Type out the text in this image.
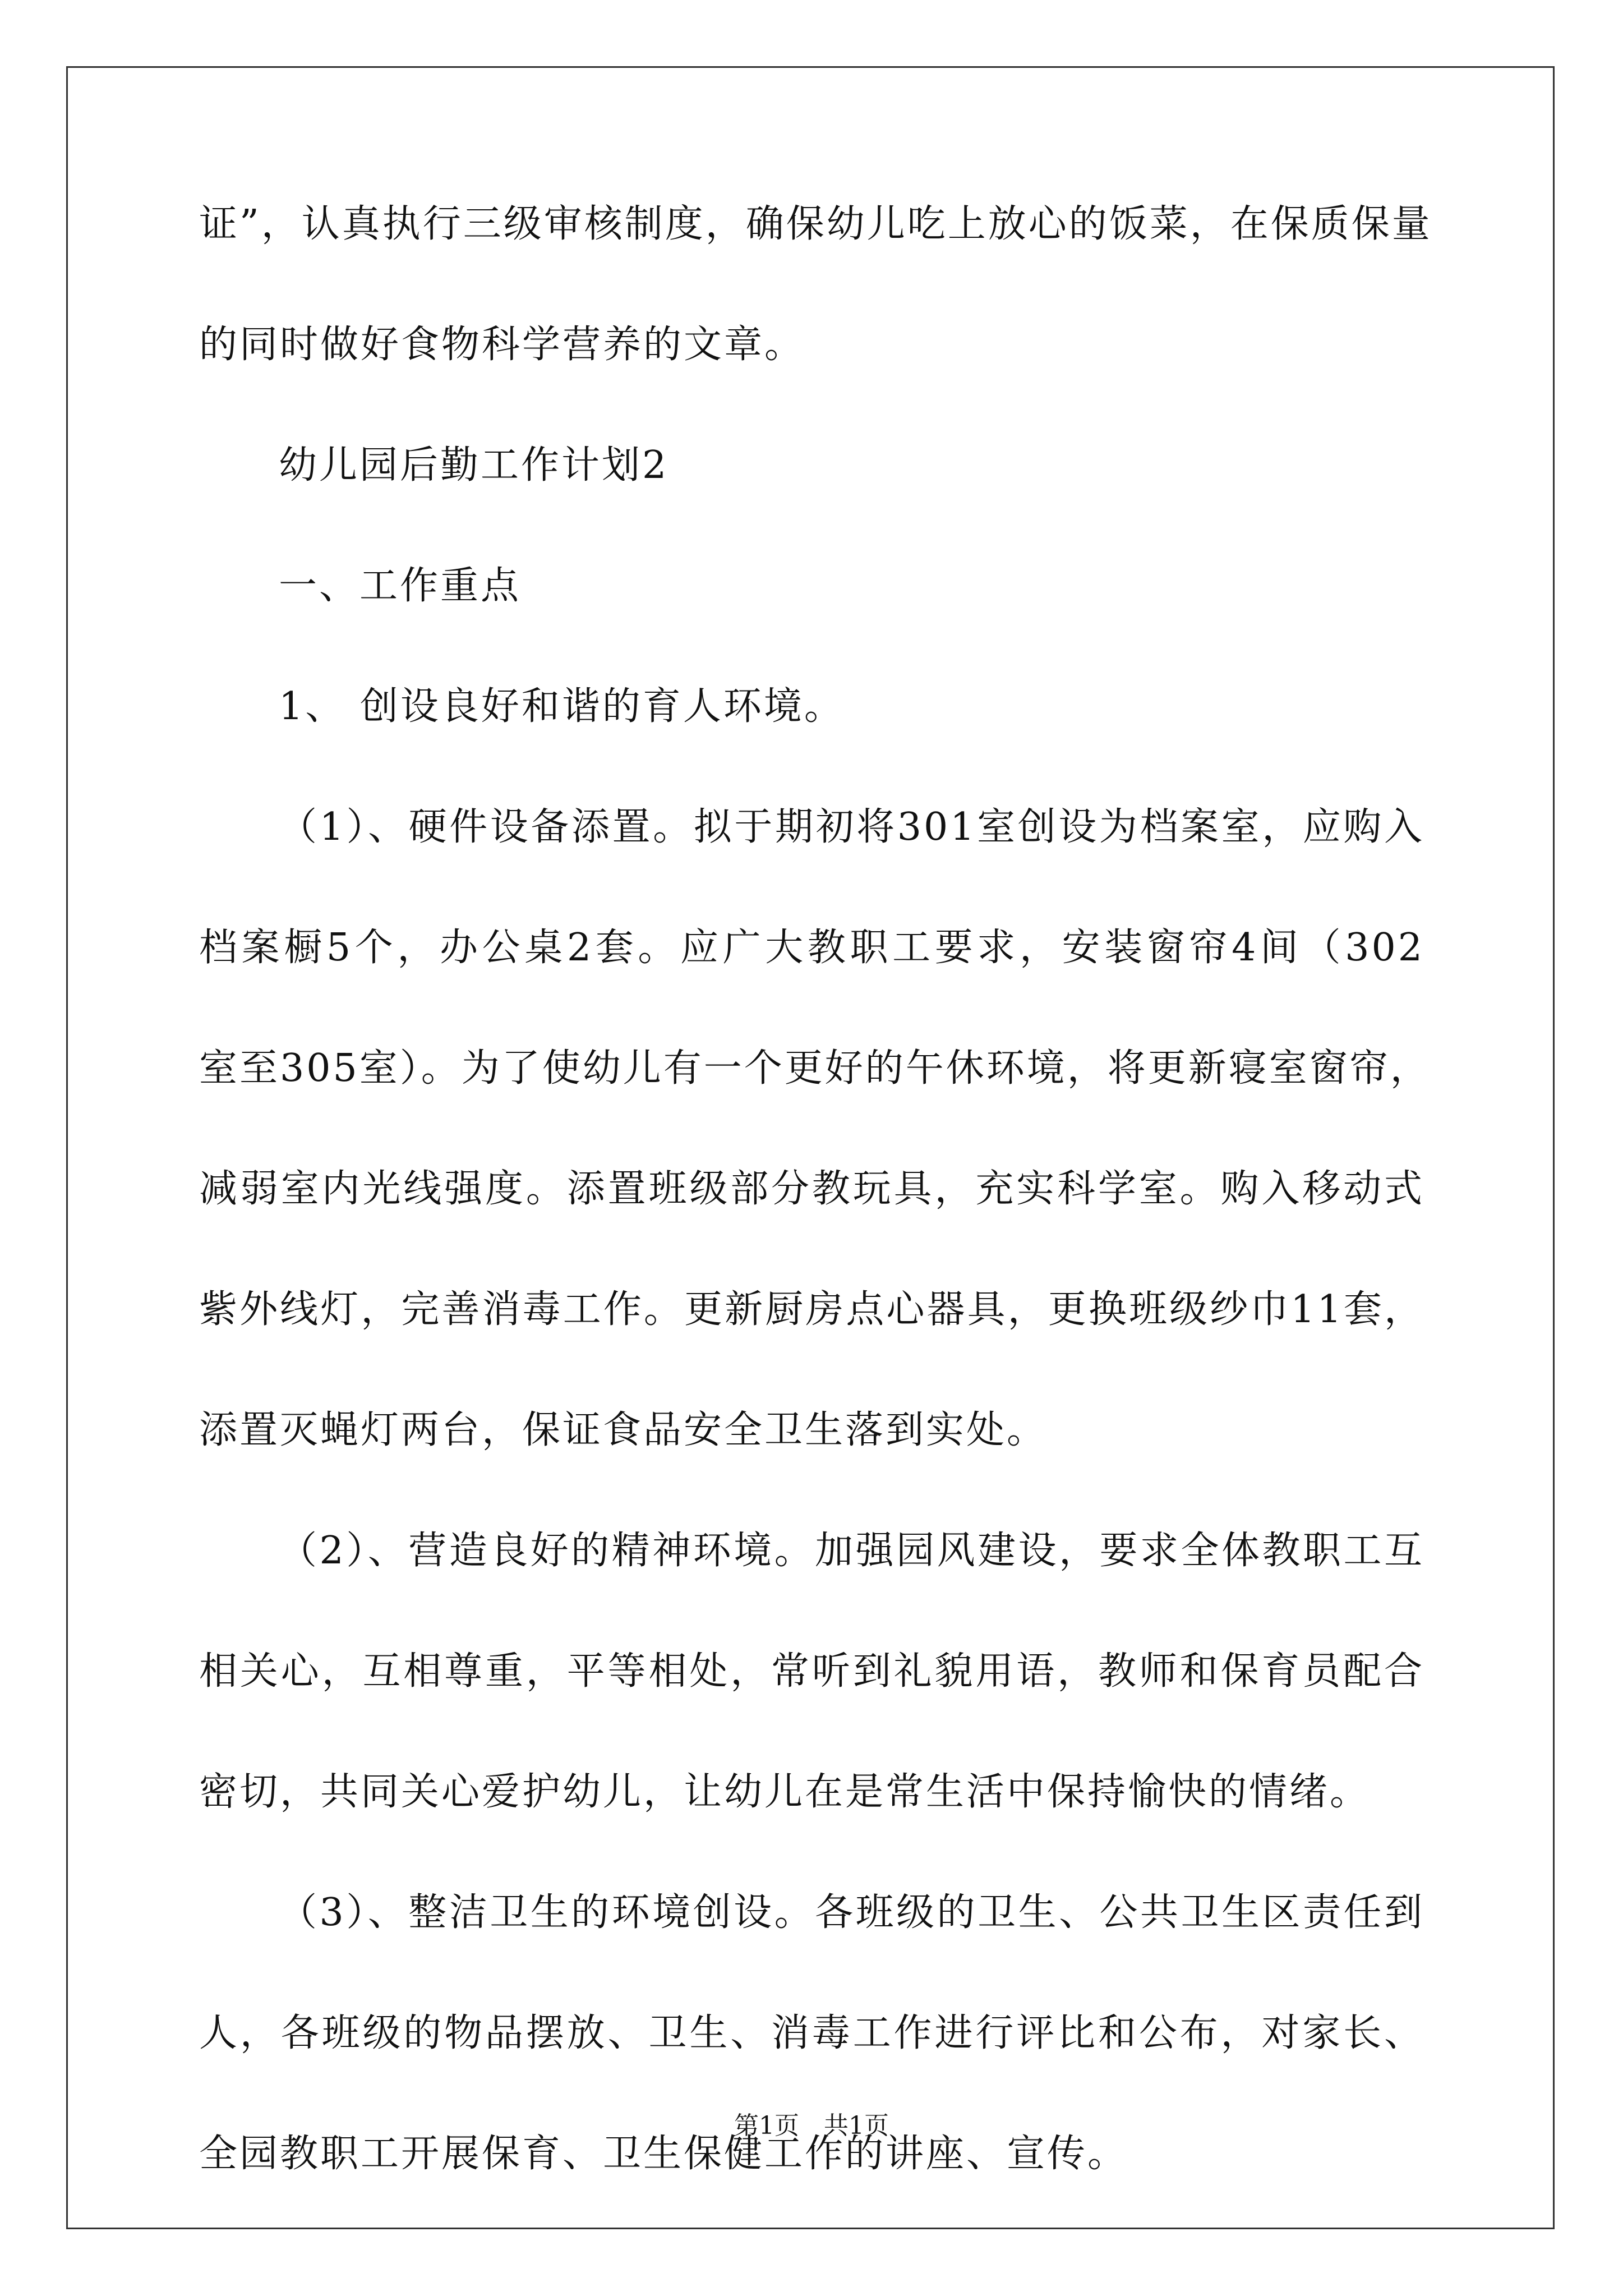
证”，认真执行三级审核制度，确保幼儿吃上放心的饭菜，在保质保量
的同时做好食物科学营养的文章。
幼儿园后勤工作计划2
一、工作重点
1、 创设良好和谐的育人环境。
（1）、硬件设备添置。拟于期初将301室创设为档案室，应购入
档案橱5个，办公桌2套。应广大教职工要求，安装窗帘4间（302
室至305室）。为了使幼儿有一个更好的午休环境，将更新寝室窗帘，
减弱室内光线强度。添置班级部分教玩具，充实科学室。购入移动式
紫外线灯，完善消毒工作。更新厨房点心器具，更换班级纱巾11套，
添置灭蝇灯两台，保证食品安全卫生落到实处。
（2）、营造良好的精神环境。加强园风建设，要求全体教职工互
相关心，互相尊重，平等相处，常听到礼貌用语，教师和保育员配合
密切，共同关心爱护幼儿，让幼儿在是常生活中保持愉快的情绪。
（3）、整洁卫生的环境创设。各班级的卫生、公共卫生区责任到
人，各班级的物品摆放、卫生、消毒工作进行评比和公布，对家长、
全园教职工开展保育、卫生保健工作的讲座、宣传。
第1页　共1页
